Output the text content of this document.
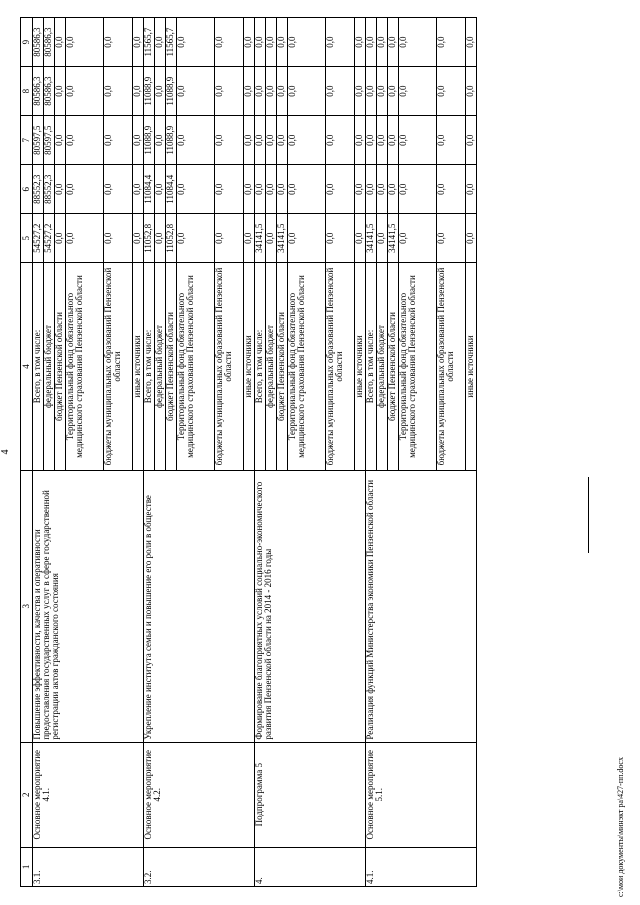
4
1	2	3	4	5	6	7	8	9
3.1.	Основное мероприятие 4.1.	Повышение эффективности, качества и оперативности предоставления государственных услуг в сфере государственной регистрации актов гражданского состояния	Всего, в том числе:	54527,2	88552,3	80597,5	80586,3	80586,3
			федеральный бюджет	54527,2	88552,3	80597,5	80586,3	80586,3
			бюджет Пензенской области	0,0	0,0	0,0	0,0	0,0
			Территориальный фонд обязательного медицинского страхования Пензенской области	0,0	0,0	0,0	0,0	0,0
			бюджеты муниципальных образований Пензенской области	0,0	0,0	0,0	0,0	0,0
			иные источники	0,0	0,0	0,0	0,0	0,0
3.2.	Основное мероприятие 4.2.	Укрепление института семьи и повышение его роли в обществе	Всего, в том числе:	11052,8	11084,4	11088,9	11088,9	11565,7
			федеральный бюджет	0,0	0,0	0,0	0,0	0,0
			бюджет Пензенской области	11052,8	11084,4	11088,9	11088,9	11565,7
			Территориальный фонд обязательного медицинского страхования Пензенской области	0,0	0,0	0,0	0,0	0,0
			бюджеты муниципальных образований Пензенской области	0,0	0,0	0,0	0,0	0,0
			иные источники	0,0	0,0	0,0	0,0	0,0
4.	Подпрограмма 5	Формирование благоприятных условий социально-экономического развития Пензенской области на 2014 - 2016 годы	Всего, в том числе:	34141,5	0,0	0,0	0,0	0,0
			федеральный бюджет	0,0	0,0	0,0	0,0	0,0
			бюджет Пензенской области	34141,5	0,0	0,0	0,0	0,0
			Территориальный фонд обязательного медицинского страхования Пензенской области	0,0	0,0	0,0	0,0	0,0
			бюджеты муниципальных образований Пензенской области	0,0	0,0	0,0	0,0	0,0
			иные источники	0,0	0,0	0,0	0,0	0,0
4.1.	Основное мероприятие 5.1.	Реализация функций Министерства экономики Пензенской области	Всего, в том числе:	34141,5	0,0	0,0	0,0	0,0
			федеральный бюджет	0,0	0,0	0,0	0,0	0,0
			бюджет Пензенской области	34141,5	0,0	0,0	0,0	0,0
			Территориальный фонд обязательного медицинского страхования Пензенской области	0,0	0,0	0,0	0,0	0,0
			бюджеты муниципальных образований Пензенской области	0,0	0,0	0,0	0,0	0,0
			иные источники	0,0	0,0	0,0	0,0	0,0
c:\мои документы\минэкт ра\427-пп.docx
